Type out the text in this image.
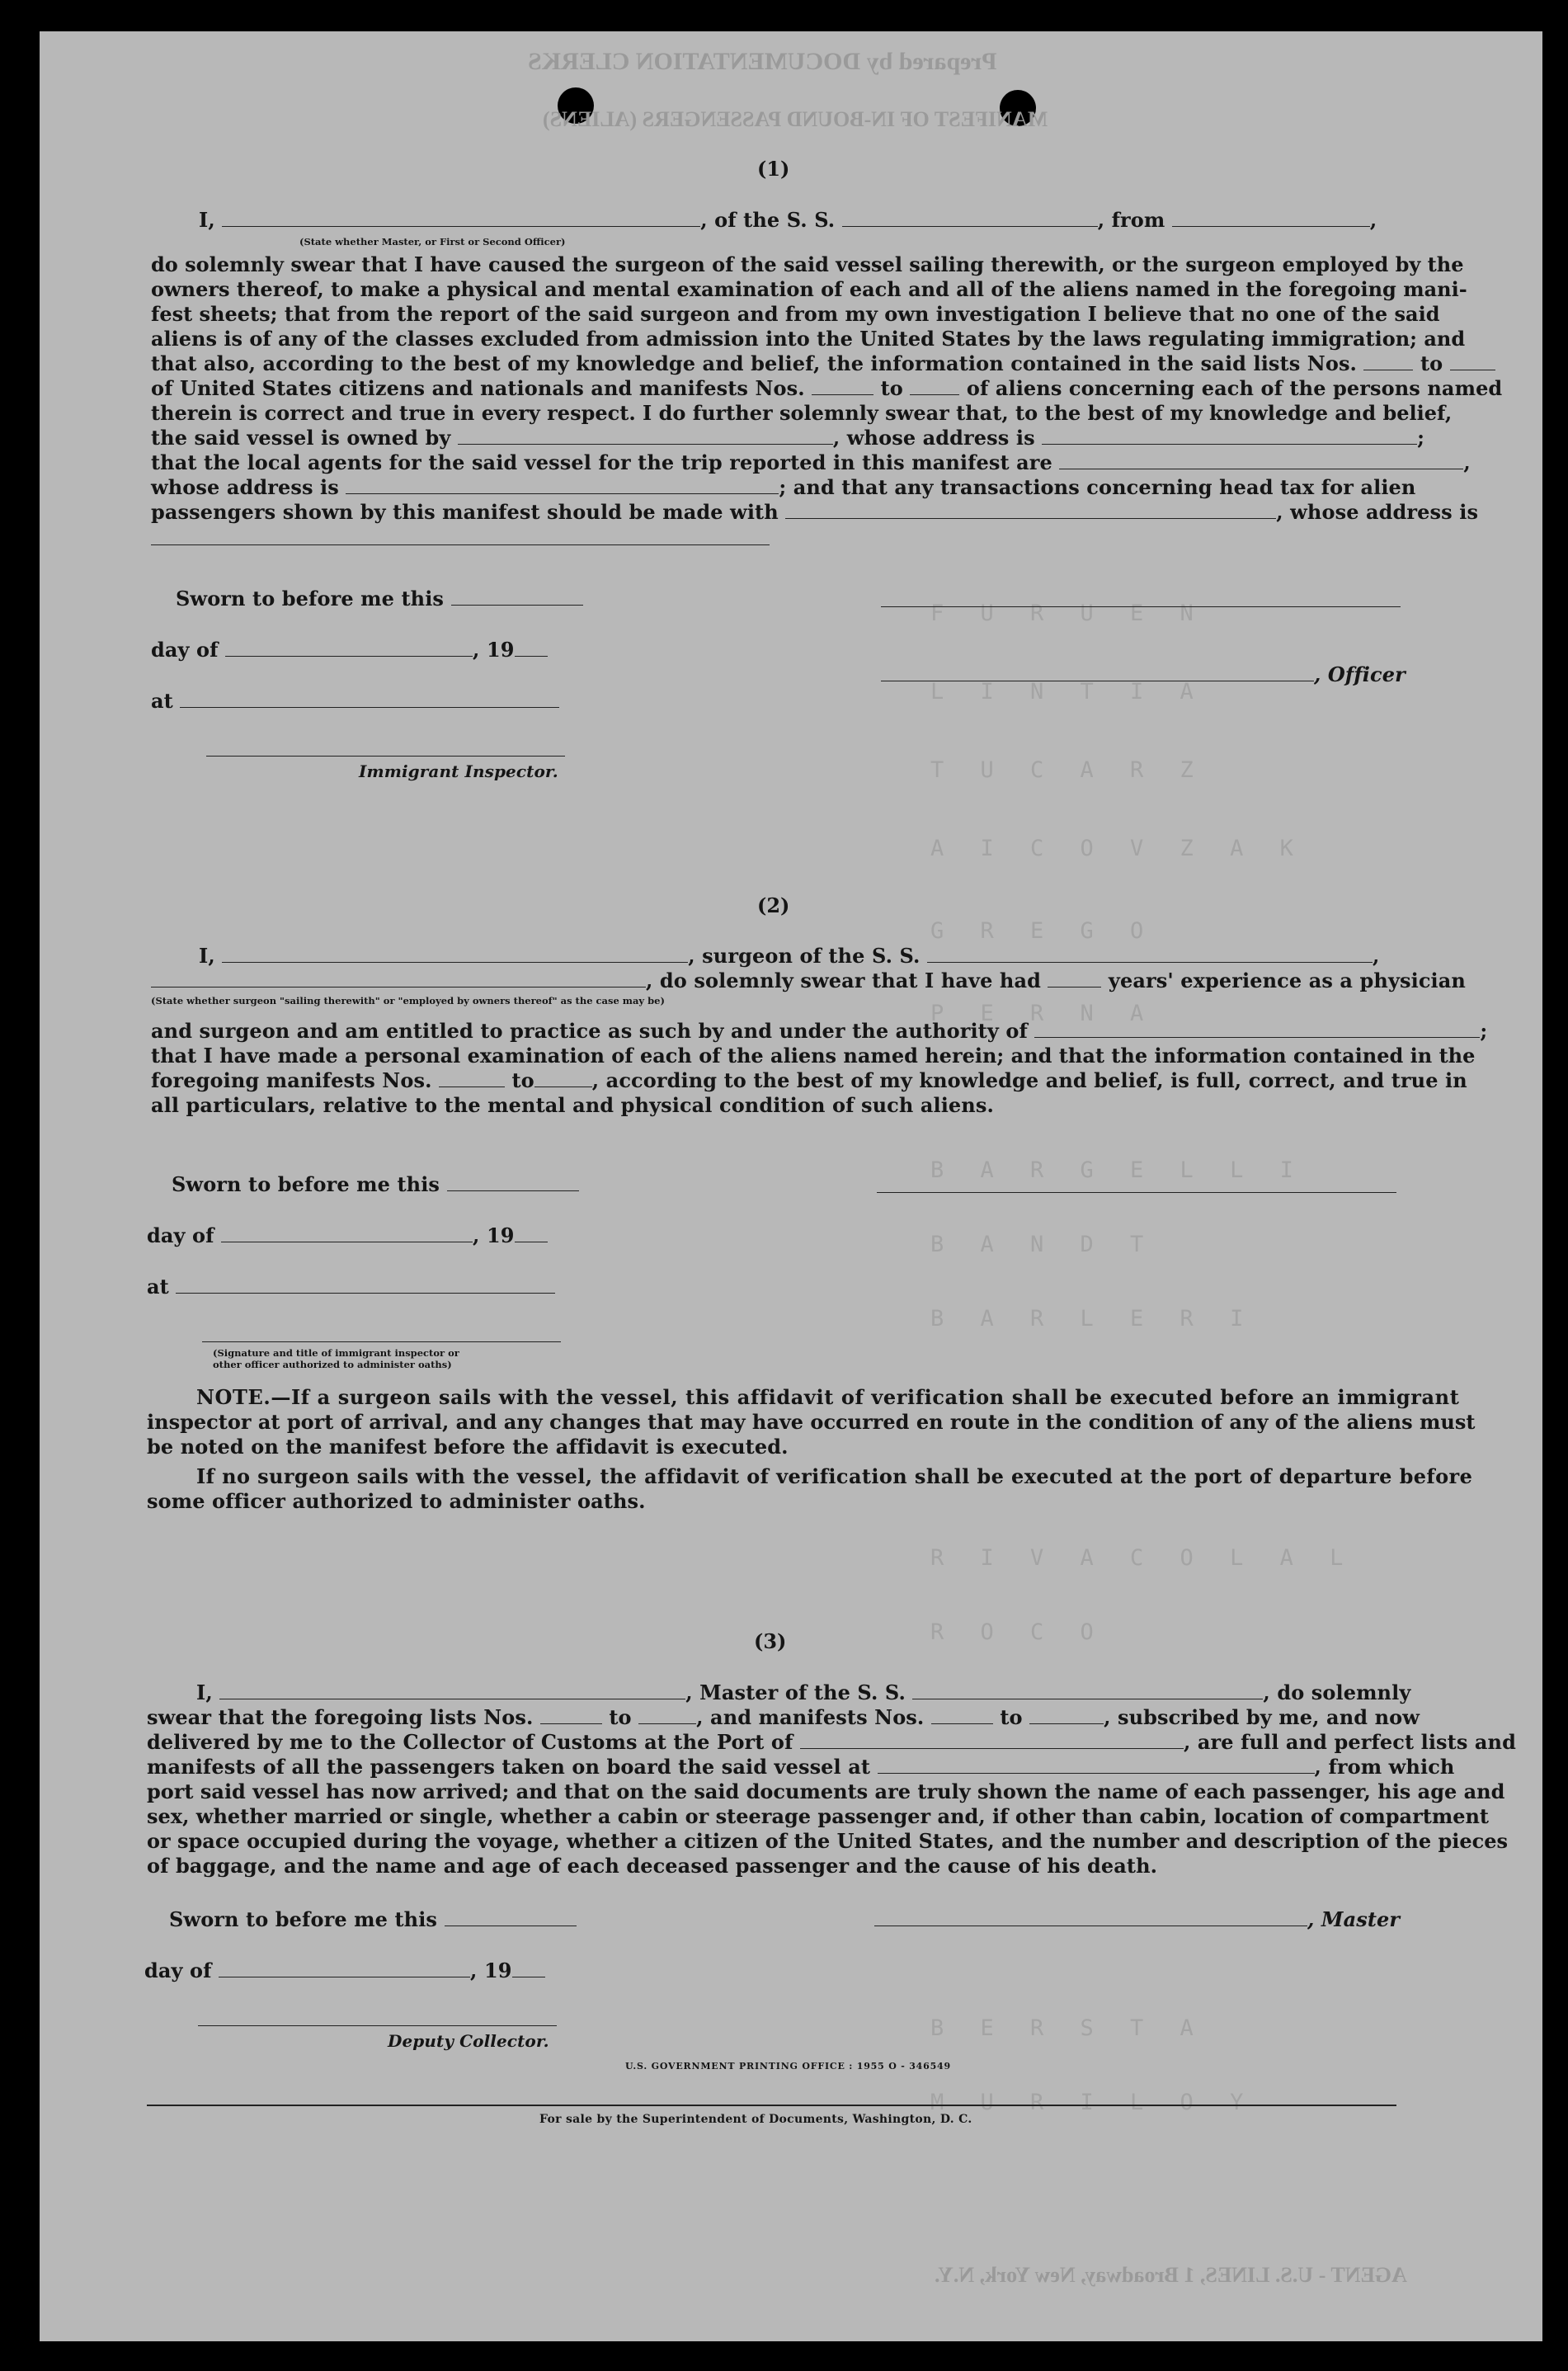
Prepared by DOCUMENTATION CLERKS
MANIFEST OF IN-BOUND PASSENGERS (ALIENS)
F U R U E N
L I N T I A
T U C A R Z
A I C O V Z A K
G R E G O
P E R N A
B A R G E L L I
B A N D T
B A R L E R I
R I V A C O L A L
R O C O
B E R S T A
M U R I L O Y
AGENT - U.S. LINES, 1 Broadway, New York, N.Y.
(1)
I,	, of the S. S.	, from	,
(State whether Master, or First or Second Officer)
do solemnly swear that I have caused the surgeon of the said vessel sailing therewith, or the surgeon employed by the
owners thereof, to make a physical and mental examination of each and all of the aliens named in the foregoing mani-
fest sheets; that from the report of the said surgeon and from my own investigation I believe that no one of the said
aliens is of any of the classes excluded from admission into the United States by the laws regulating immigration; and
that also, according to the best of my knowledge and belief, the information contained in the said lists Nos.	to
of United States citizens and nationals and manifests Nos.	to	of aliens concerning each of the persons named
therein is correct and true in every respect. I do further solemnly swear that, to the best of my knowledge and belief,
the said vessel is owned by	, whose address is	;
that the local agents for the said vessel for the trip reported in this manifest are	,
whose address is	; and that any transactions concerning head tax for alien
passengers shown by this manifest should be made with	, whose address is
Sworn to before me this
day of	, 19
, Officer
at
Immigrant Inspector.
(2)
I,	, surgeon of the S. S.	,
, do solemnly swear that I have had	years' experience as a physician
(State whether surgeon "sailing therewith" or "employed by owners thereof" as the case may be)
and surgeon and am entitled to practice as such by and under the authority of	;
that I have made a personal examination of each of the aliens named herein; and that the information contained in the
foregoing manifests Nos.	to	, according to the best of my knowledge and belief, is full, correct, and true in
all particulars, relative to the mental and physical condition of such aliens.
Sworn to before me this
day of	, 19
at
(Signature and title of immigrant inspector or
other officer authorized to administer oaths)
NOTE.—If a surgeon sails with the vessel, this affidavit of verification shall be executed before an immigrant
inspector at port of arrival, and any changes that may have occurred en route in the condition of any of the aliens must
be noted on the manifest before the affidavit is executed.
If no surgeon sails with the vessel, the affidavit of verification shall be executed at the port of departure before
some officer authorized to administer oaths.
(3)
I,	, Master of the S. S.	, do solemnly
swear that the foregoing lists Nos.	to	, and manifests Nos.	to	, subscribed by me, and now
delivered by me to the Collector of Customs at the Port of	, are full and perfect lists and
manifests of all the passengers taken on board the said vessel at	, from which
port said vessel has now arrived; and that on the said documents are truly shown the name of each passenger, his age and
sex, whether married or single, whether a cabin or steerage passenger and, if other than cabin, location of compartment
or space occupied during the voyage, whether a citizen of the United States, and the number and description of the pieces
of baggage, and the name and age of each deceased passenger and the cause of his death.
Sworn to before me this	, Master
day of	, 19
Deputy Collector.
U.S. GOVERNMENT PRINTING OFFICE : 1955 O - 346549
For sale by the Superintendent of Documents, Washington, D. C.
